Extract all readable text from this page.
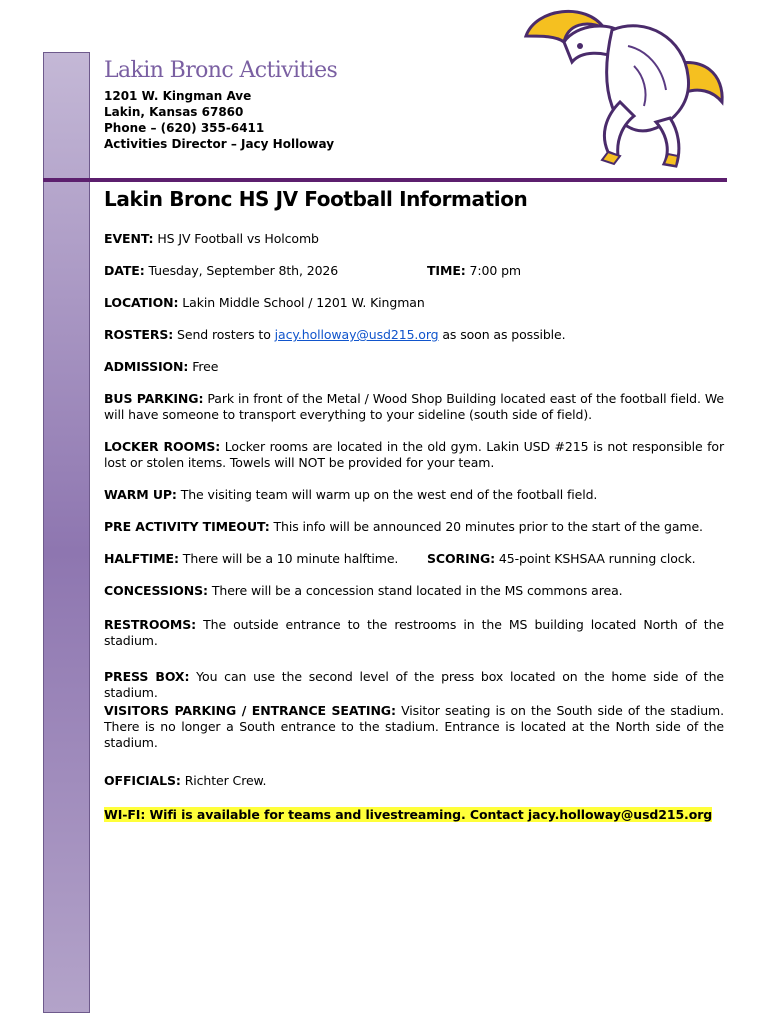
Lakin Bronc Activities
1201 W. Kingman Ave
Lakin, Kansas 67860
Phone – (620) 355-6411
Activities Director – Jacy Holloway
Lakin Bronc HS JV Football Information
EVENT: HS JV Football vs Holcomb
DATE: Tuesday, September 8th, 2026	TIME: 7:00 pm
LOCATION: Lakin Middle School / 1201 W. Kingman
ROSTERS: Send rosters to jacy.holloway@usd215.org as soon as possible.
ADMISSION: Free
BUS PARKING: Park in front of the Metal / Wood Shop Building located east of the football field. We will have someone to transport everything to your sideline (south side of field).
LOCKER ROOMS: Locker rooms are located in the old gym. Lakin USD #215 is not responsible for lost or stolen items. Towels will NOT be provided for your team.
WARM UP: The visiting team will warm up on the west end of the football field.
PRE ACTIVITY TIMEOUT: This info will be announced 20 minutes prior to the start of the game.
HALFTIME: There will be a 10 minute halftime.	SCORING: 45-point KSHSAA running clock.
CONCESSIONS: There will be a concession stand located in the MS commons area.
RESTROOMS: The outside entrance to the restrooms in the MS building located North of the stadium.
PRESS BOX: You can use the second level of the press box located on the home side of the stadium.
VISITORS PARKING / ENTRANCE SEATING: Visitor seating is on the South side of the stadium. There is no longer a South entrance to the stadium. Entrance is located at the North side of the stadium.
OFFICIALS: Richter Crew.
WI-FI: Wifi is available for teams and livestreaming. Contact jacy.holloway@usd215.org
